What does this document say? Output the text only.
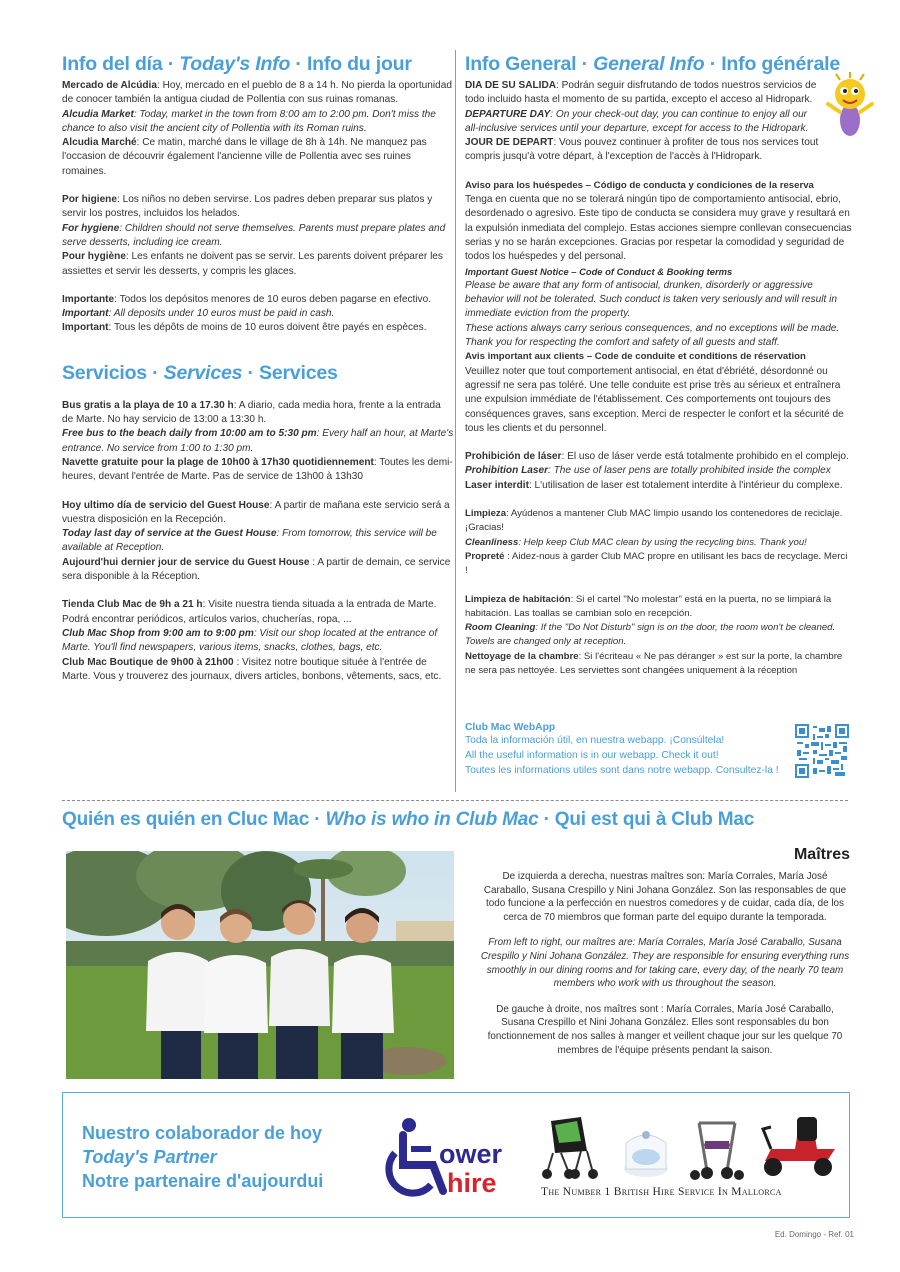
Info del día · Today's Info · Info du jour
Mercado de Alcúdia: Hoy, mercado en el pueblo de 8 a 14 h. No pierda la oportunidad de conocer también la antigua ciudad de Pollentia con sus ruinas romanas.
Alcudia Market: Today, market in the town from 8:00 am to 2:00 pm. Don't miss the chance to also visit the ancient city of Pollentia with its Roman ruins.
Alcudia Marché: Ce matin, marché dans le village de 8h à 14h. Ne manquez pas l'occasion de découvrir également l'ancienne ville de Pollentia avec ses ruines romaines.
Por higiene: Los niños no deben servirse. Los padres deben preparar sus platos y servir los postres, incluidos los helados.
For hygiene: Children should not serve themselves. Parents must prepare plates and serve desserts, including ice cream.
Pour hygiène: Les enfants ne doivent pas se servir. Les parents doivent préparer les assiettes et servir les desserts, y compris les glaces.
Importante: Todos los depósitos menores de 10 euros deben pagarse en efectivo.
Important: All deposits under 10 euros must be paid in cash.
Important: Tous les dépôts de moins de 10 euros doivent être payés en espèces.
Servicios · Services · Services
Bus gratis a la playa de 10 a 17.30 h: A diario, cada media hora, frente a la entrada de Marte. No hay servicio de 13:00 a 13:30 h.
Free bus to the beach daily from 10:00 am to 5:30 pm: Every half an hour, at Marte's entrance. No service from 1:00 to 1:30 pm.
Navette gratuite pour la plage de 10h00 à 17h30 quotidiennement: Toutes les demi-heures, devant l'entrée de Marte. Pas de service de 13h00 à 13h30
Hoy ultimo día de servicio del Guest House: A partir de mañana este servicio será a vuestra disposición en la Recepción.
Today last day of service at the Guest House: From tomorrow, this service will be available at Reception.
Aujourd'hui dernier jour de service du Guest House : A partir de demain, ce service sera disponible à la Réception.
Tienda Club Mac de 9h a 21 h: Visite nuestra tienda situada a la entrada de Marte. Podrá encontrar periódicos, artículos varios, chucherías, ropa, ...
Club Mac Shop from 9:00 am to 9:00 pm: Visit our shop located at the entrance of Marte. You'll find newspapers, various items, snacks, clothes, bags, etc.
Club Mac Boutique de 9h00 à 21h00 : Visitez notre boutique située à l'entrée de Marte. Vous y trouverez des journaux, divers articles, bonbons, vêtements, sacs, etc.
Info General · General Info · Info générale
DIA DE SU SALIDA: Podrán seguir disfrutando de todos nuestros servicios de todo incluido hasta el momento de su partida, excepto el acceso al Hidropark.
DEPARTURE DAY: On your check-out day, you can continue to enjoy all our all-inclusive services until your departure, except for access to the Hidropark.
JOUR DE DEPART: Vous pouvez continuer à profiter de tous nos services tout compris jusqu'à votre départ, à l'exception de l'accès à l'Hidropark.
Aviso para los huéspedes – Código de conducta y condiciones de la reserva
Tenga en cuenta que no se tolerará ningún tipo de comportamiento antisocial, ebrio, desordenado o agresivo. Este tipo de conducta se considera muy grave y resultará en la expulsión inmediata del complejo. Estas acciones siempre conllevan consecuencias serias y no se harán excepciones. Gracias por respetar la comodidad y seguridad de todos los huéspedes y del personal.
Important Guest Notice – Code of Conduct & Booking terms
Please be aware that any form of antisocial, drunken, disorderly or aggressive behavior will not be tolerated. Such conduct is taken very seriously and will result in immediate eviction from the property.
These actions always carry serious consequences, and no exceptions will be made. Thank you for respecting the comfort and safety of all guests and staff.
Avis important aux clients – Code de conduite et conditions de réservation
Veuillez noter que tout comportement antisocial, en état d'ébriété, désordonné ou agressif ne sera pas toléré. Une telle conduite est prise très au sérieux et entraînera une expulsion immédiate de l'établissement. Ces comportements ont toujours des conséquences graves, sans exception. Merci de respecter le confort et la sécurité de tous les clients et du personnel.
Prohibición de láser: El uso de láser verde está totalmente prohibido en el complejo.
Prohibition Laser: The use of laser pens are totally prohibited inside the complex
Laser interdit: L'utilisation de laser est totalement interdite à l'intérieur du complexe.
Limpieza: Ayúdenos a mantener Club MAC limpio usando los contenedores de reciclaje. ¡Gracias!
Cleanliness: Help keep Club MAC clean by using the recycling bins. Thank you!
Propreté : Aidez-nous à garder Club MAC propre en utilisant les bacs de recyclage. Merci !
Limpieza de habitación: Si el cartel "No molestar" está en la puerta, no se limpiará la habitación. Las toallas se cambian solo en recepción.
Room Cleaning: If the "Do Not Disturb" sign is on the door, the room won't be cleaned. Towels are changed only at reception.
Nettoyage de la chambre: Si l'écriteau « Ne pas déranger » est sur la porte, la chambre ne sera pas nettoyée. Les serviettes sont changées uniquement à la réception
Club Mac WebApp
Toda la información útil, en nuestra webapp. ¡Consúltela!
All the useful information is in our webapp. Check it out!
Toutes les informations utiles sont dans notre webapp. Consultez-la !
Quién es quién en Cluc Mac · Who is who in Club Mac · Qui est qui à Club Mac
Maîtres

De izquierda a derecha, nuestras maîtres son: María Corrales, María José Caraballo, Susana Crespillo y Nini Johana González. Son las responsables de que todo funcione a la perfección en nuestros comedores y de cuidar, cada día, de los cerca de 70 miembros que forman parte del equipo durante la temporada.

From left to right, our maîtres are: María Corrales, María José Caraballo, Susana Crespillo y Nini Johana González. They are responsible for ensuring everything runs smoothly in our dining rooms and for taking care, every day, of the nearly 70 team members who work with us throughout the season.

De gauche à droite, nos maîtres sont : María Corrales, María José Caraballo, Susana Crespillo et Nini Johana González. Elles sont responsables du bon fonctionnement de nos salles à manger et veillent chaque jour sur les quelque 70 membres de l'équipe présents pendant la saison.

Nuestro colaborador de hoy
Today's Partner
Notre partenaire d'aujourdui
ower
hire	The Number 1 British Hire Service In Mallorca
Ed. Domingo - Ref. 01
